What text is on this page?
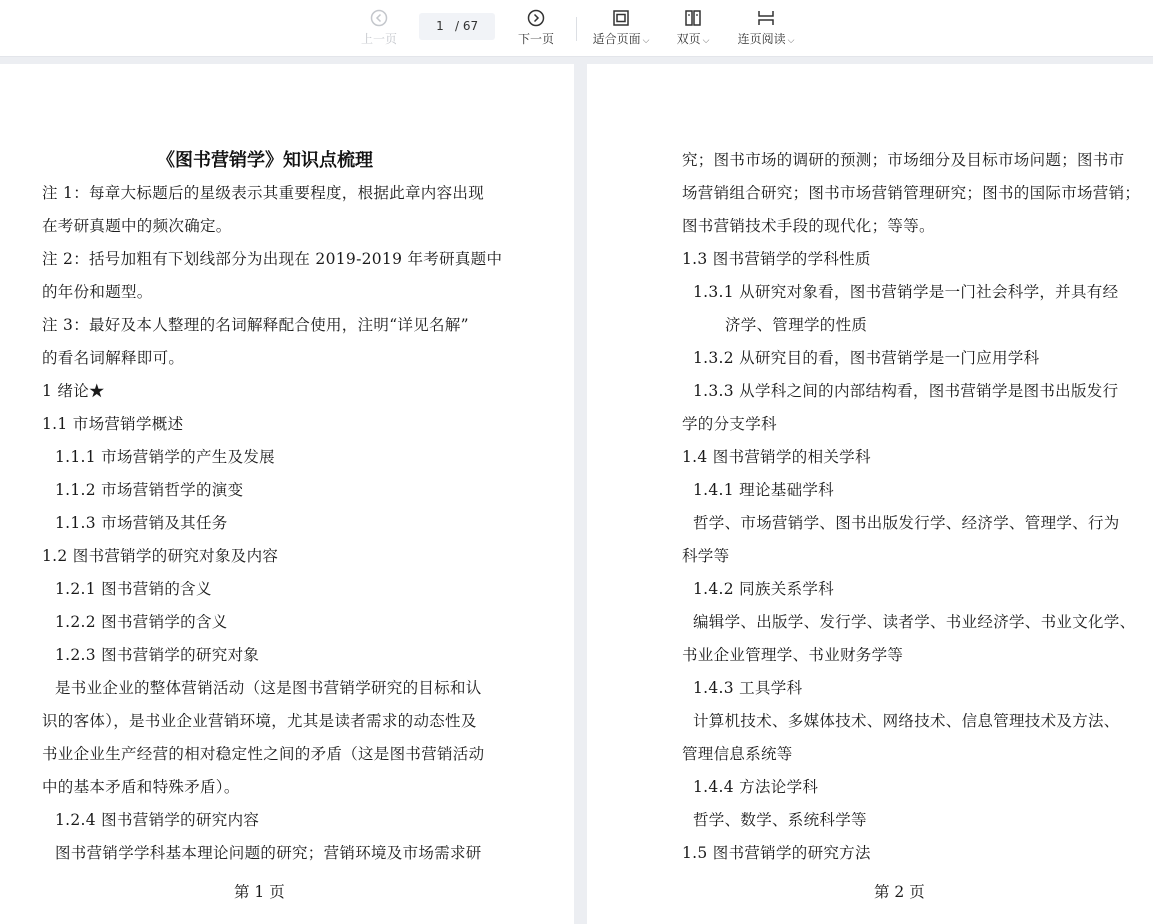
上一页
1
/ 67
下一页	适合页面 ⌵ 双页 ⌵ 连页阅读 ⌵
《图书营销学》知识点梳理
注 1：每章大标题后的星级表示其重要程度，根据此章内容出现
在考研真题中的频次确定。
注 2：括号加粗有下划线部分为出现在 2019-2019 年考研真题中
的年份和题型。
注 3：最好及本人整理的名词解释配合使用，注明“详见名解”
的看名词解释即可。
1 绪论★
1.1 市场营销学概述
1.1.1 市场营销学的产生及发展
1.1.2 市场营销哲学的演变
1.1.3 市场营销及其任务
1.2 图书营销学的研究对象及内容
1.2.1 图书营销的含义
1.2.2 图书营销学的含义
1.2.3 图书营销学的研究对象
是书业企业的整体营销活动（这是图书营销学研究的目标和认
识的客体），是书业企业营销环境，尤其是读者需求的动态性及
书业企业生产经营的相对稳定性之间的矛盾（这是图书营销活动
中的基本矛盾和特殊矛盾）。
1.2.4 图书营销学的研究内容
图书营销学学科基本理论问题的研究；营销环境及市场需求研
第 1 页
究；图书市场的调研的预测；市场细分及目标市场问题；图书市
场营销组合研究；图书市场营销管理研究；图书的国际市场营销；
图书营销技术手段的现代化；等等。
1.3 图书营销学的学科性质
1.3.1 从研究对象看，图书营销学是一门社会科学，并具有经
济学、管理学的性质
1.3.2 从研究目的看，图书营销学是一门应用学科
1.3.3 从学科之间的内部结构看，图书营销学是图书出版发行
学的分支学科
1.4 图书营销学的相关学科
1.4.1 理论基础学科
哲学、市场营销学、图书出版发行学、经济学、管理学、行为
科学等
1.4.2 同族关系学科
编辑学、出版学、发行学、读者学、书业经济学、书业文化学、
书业企业管理学、书业财务学等
1.4.3 工具学科
计算机技术、多媒体技术、网络技术、信息管理技术及方法、
管理信息系统等
1.4.4 方法论学科
哲学、数学、系统科学等
1.5 图书营销学的研究方法
第 2 页
